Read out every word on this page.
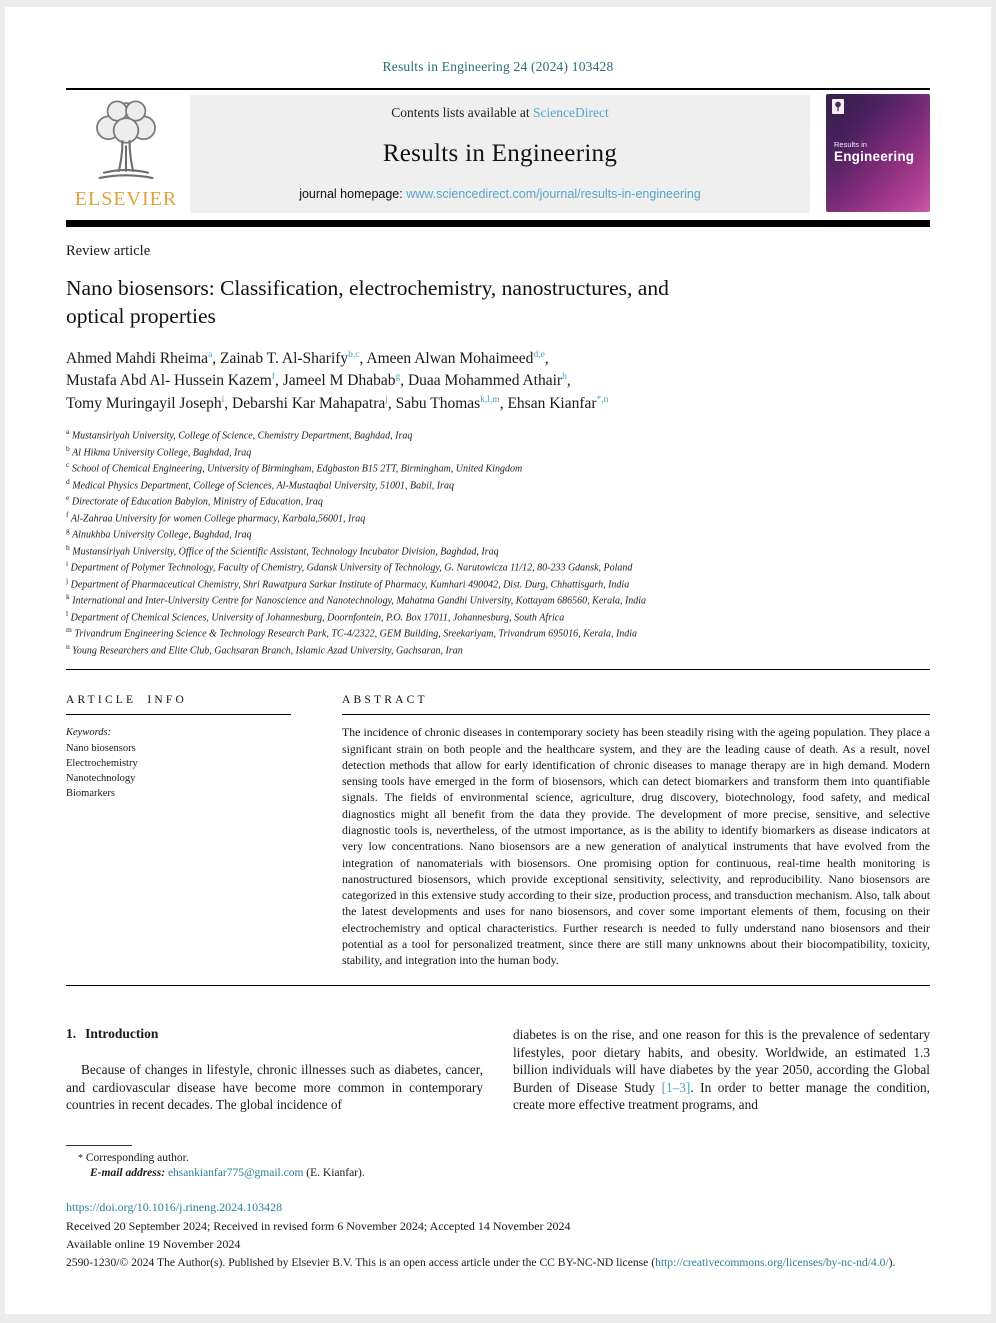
Results in Engineering 24 (2024) 103428
ELSEVIER
Contents lists available at ScienceDirect
Results in Engineering
journal homepage: www.sciencedirect.com/journal/results-in-engineering
Results in
Engineering
Review article
Nano biosensors: Classification, electrochemistry, nanostructures, and
optical properties
Ahmed Mahdi Rheima$^a$, Zainab T. Al-Sharify$^{b,c}$, Ameen Alwan Mohaimeed$^{d,e}$,
Mustafa Abd Al- Hussein Kazem$^f$, Jameel M Dhabab$^g$, Duaa Mohammed Athair$^h$,
Tomy Muringayil Joseph$^i$, Debarshi Kar Mahapatra$^j$, Sabu Thomas$^{k,l,m}$, Ehsan Kianfar$^{*,n}$
$^a$ Mustansiriyah University, College of Science, Chemistry Department, Baghdad, Iraq
$^b$ Al Hikma University College, Baghdad, Iraq
$^c$ School of Chemical Engineering, University of Birmingham, Edgbaston B15 2TT, Birmingham, United Kingdom
$^d$ Medical Physics Department, College of Sciences, Al-Mustaqbal University, 51001, Babil, Iraq
$^e$ Directorate of Education Babylon, Ministry of Education, Iraq
$^f$ Al-Zahraa University for women College pharmacy, Karbala,56001, Iraq
$^g$ Alnukhba University College, Baghdad, Iraq
$^h$ Mustansiriyah University, Office of the Scientific Assistant, Technology Incubator Division, Baghdad, Iraq
$^i$ Department of Polymer Technology, Faculty of Chemistry, Gdansk University of Technology, G. Narutowicza 11/12, 80-233 Gdansk, Poland
$^j$ Department of Pharmaceutical Chemistry, Shri Rawatpura Sarkar Institute of Pharmacy, Kumhari 490042, Dist. Durg, Chhattisgarh, India
$^k$ International and Inter-University Centre for Nanoscience and Nanotechnology, Mahatma Gandhi University, Kottayam 686560, Kerala, India
$^l$ Department of Chemical Sciences, University of Johannesburg, Doornfontein, P.O. Box 17011, Johannesburg, South Africa
$^m$ Trivandrum Engineering Science & Technology Research Park, TC-4/2322, GEM Building, Sreekariyam, Trivandrum 695016, Kerala, India
$^n$ Young Researchers and Elite Club, Gachsaran Branch, Islamic Azad University, Gachsaran, Iran
ARTICLE INFO
Keywords:
Nano biosensors
Electrochemistry
Nanotechnology
Biomarkers
ABSTRACT

The incidence of chronic diseases in contemporary society has been steadily rising with the ageing population. They place a significant strain on both people and the healthcare system, and they are the leading cause of death. As a result, novel detection methods that allow for early identification of chronic diseases to manage therapy are in high demand. Modern sensing tools have emerged in the form of biosensors, which can detect biomarkers and transform them into quantifiable signals. The fields of environmental science, agriculture, drug discovery, biotechnology, food safety, and medical diagnostics might all benefit from the data they provide. The development of more precise, sensitive, and selective diagnostic tools is, nevertheless, of the utmost importance, as is the ability to identify biomarkers as disease indicators at very low concentrations. Nano biosensors are a new generation of analytical instruments that have evolved from the integration of nanomaterials with biosensors. One promising option for continuous, real-time health monitoring is nanostructured biosensors, which provide exceptional sensitivity, selectivity, and reproducibility. Nano biosensors are categorized in this extensive study according to their size, production process, and transduction mechanism. Also, talk about the latest developments and uses for nano biosensors, and cover some important elements of them, focusing on their electrochemistry and optical characteristics. Further research is needed to fully understand nano biosensors and their potential as a tool for personalized treatment, since there are still many unknowns about their biocompatibility, toxicity, stability, and integration into the human body.

1. Introduction

Because of changes in lifestyle, chronic illnesses such as diabetes, cancer, and cardiovascular disease have become more common in contemporary countries in recent decades. The global incidence of

diabetes is on the rise, and one reason for this is the prevalence of sedentary lifestyles, poor dietary habits, and obesity. Worldwide, an estimated 1.3 billion individuals will have diabetes by the year 2050, according the Global Burden of Disease Study [1–3]. In order to better manage the condition, create more effective treatment programs, and

* Corresponding author.
E-mail address: ehsankianfar775@gmail.com (E. Kianfar).
https://doi.org/10.1016/j.rineng.2024.103428
Received 20 September 2024; Received in revised form 6 November 2024; Accepted 14 November 2024
Available online 19 November 2024
2590-1230/© 2024 The Author(s). Published by Elsevier B.V. This is an open access article under the CC BY-NC-ND license (http://creativecommons.org/licenses/by-nc-nd/4.0/).
